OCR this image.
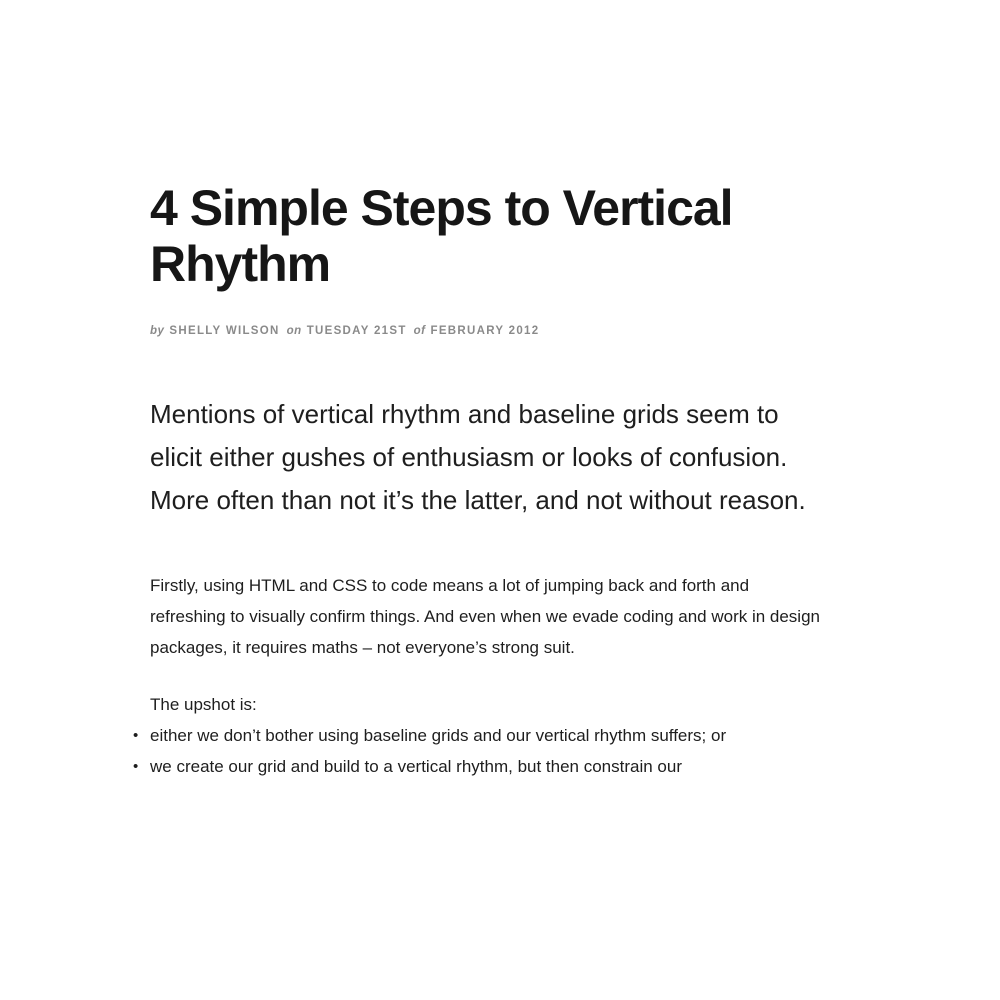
4 Simple Steps to Vertical Rhythm

by SHELLY WILSON on TUESDAY 21ST of FEBRUARY 2012

Mentions of vertical rhythm and baseline grids seem to elicit either gushes of enthusiasm or looks of confusion. More often than not it’s the latter, and not without reason.

Firstly, using HTML and CSS to code means a lot of jumping back and forth and refreshing to visually confirm things. And even when we evade coding and work in design packages, it requires maths – not everyone’s strong suit.

The upshot is:

• either we don’t bother using baseline grids and our vertical rhythm suffers; or
• we create our grid and build to a vertical rhythm, but then constrain our
